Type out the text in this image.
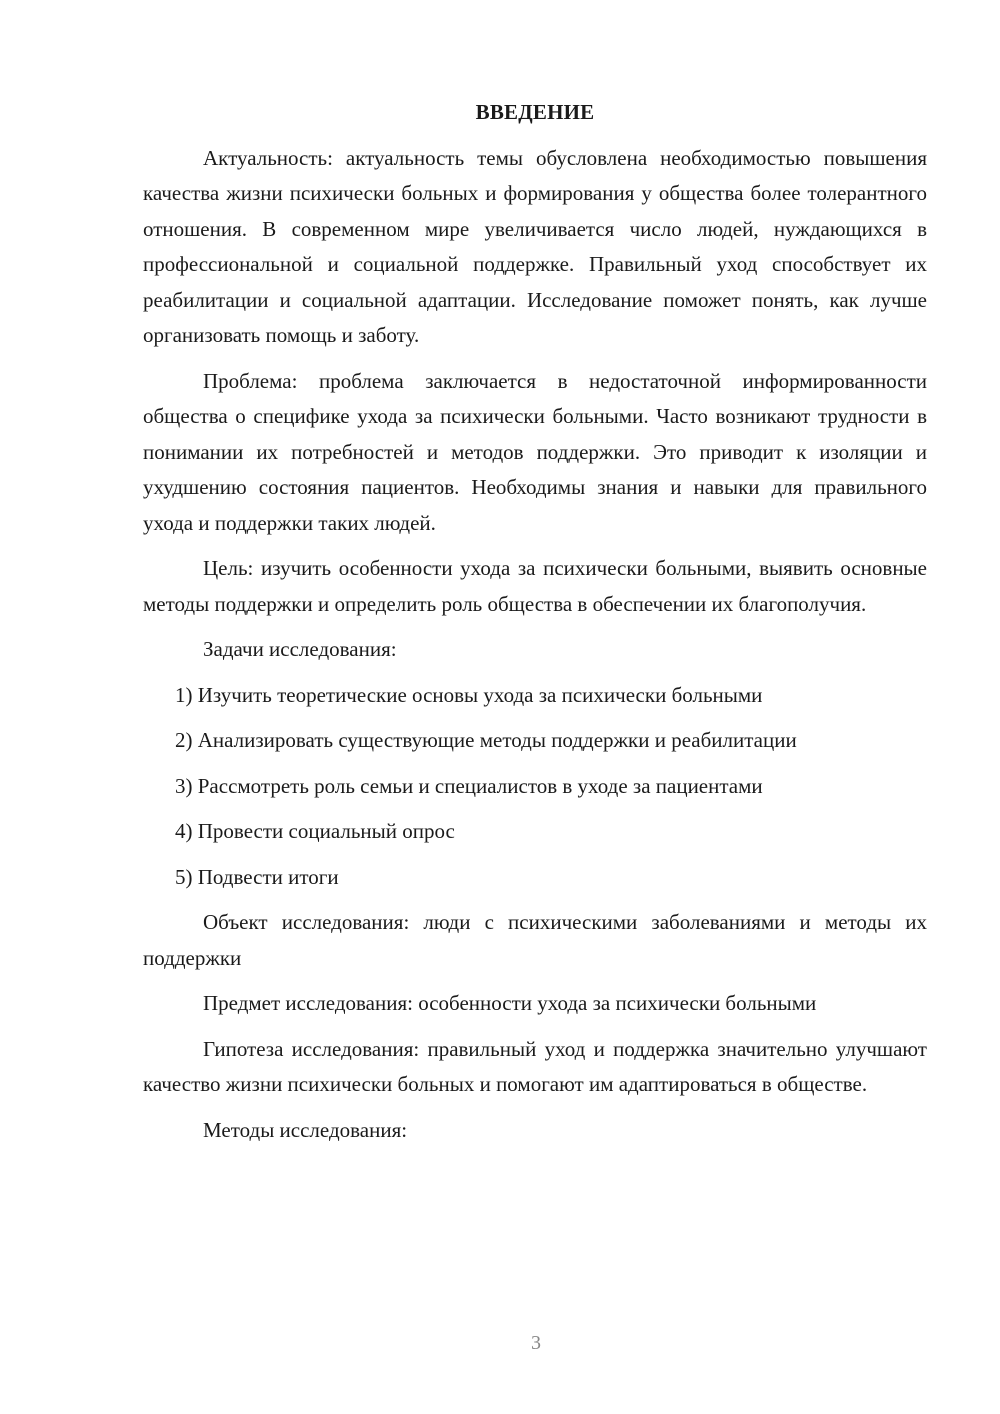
ВВЕДЕНИЕ

Актуальность: актуальность темы обусловлена необходимостью повышения качества жизни психически больных и формирования у общества более толерантного отношения. В современном мире увеличивается число людей, нуждающихся в профессиональной и социальной поддержке. Правильный уход способствует их реабилитации и социальной адаптации. Исследование поможет понять, как лучше организовать помощь и заботу.

Проблема: проблема заключается в недостаточной информированности общества о специфике ухода за психически больными. Часто возникают трудности в понимании их потребностей и методов поддержки. Это приводит к изоляции и ухудшению состояния пациентов. Необходимы знания и навыки для правильного ухода и поддержки таких людей.

Цель: изучить особенности ухода за психически больными, выявить основные методы поддержки и определить роль общества в обеспечении их благополучия.

Задачи исследования:

1) Изучить теоретические основы ухода за психически больными
2) Анализировать существующие методы поддержки и реабилитации
3) Рассмотреть роль семьи и специалистов в уходе за пациентами
4) Провести социальный опрос
5) Подвести итоги

Объект исследования: люди с психическими заболеваниями и методы их поддержки

Предмет исследования: особенности ухода за психически больными

Гипотеза исследования: правильный уход и поддержка значительно улучшают качество жизни психически больных и помогают им адаптироваться в обществе.

Методы исследования:

3
